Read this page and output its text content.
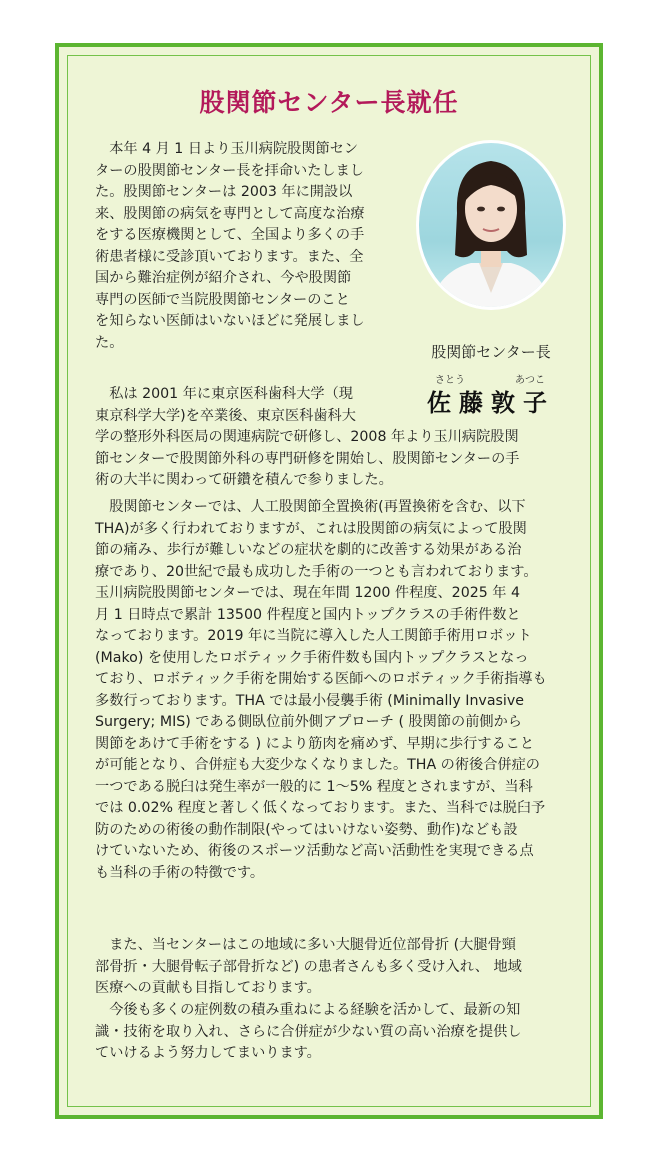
股関節センター長就任
股関節センター長
さとう	あつこ
佐藤敦子
　本年 4 月 1 日より玉川病院股関節セン
ターの股関節センター長を拝命いたしまし
た。股関節センターは 2003 年に開設以
来、股関節の病気を専門として高度な治療
をする医療機関として、全国より多くの手
術患者様に受診頂いております。また、全
国から難治症例が紹介され、今や股関節
専門の医師で当院股関節センターのこと
を知らない医師はいないほどに発展しまし
た。
　私は 2001 年に東京医科歯科大学（現
東京科学大学)を卒業後、東京医科歯科大
学の整形外科医局の関連病院で研修し、2008 年より玉川病院股関
節センターで股関節外科の専門研修を開始し、股関節センターの手
術の大半に関わって研鑽を積んで参りました。
　股関節センターでは、人工股関節全置換術(再置換術を含む、以下
THA)が多く行われておりますが、これは股関節の病気によって股関
節の痛み、歩行が難しいなどの症状を劇的に改善する効果がある治
療であり、20世紀で最も成功した手術の一つとも言われております。
玉川病院股関節センターでは、現在年間 1200 件程度、2025 年 4
月 1 日時点で累計 13500 件程度と国内トップクラスの手術件数と
なっております。2019 年に当院に導入した人工関節手術用ロボット
(Mako) を使用したロボティック手術件数も国内トップクラスとなっ
ており、ロボティック手術を開始する医師へのロボティック手術指導も
多数行っております。THA では最小侵襲手術 (Minimally Invasive
Surgery; MIS) である側臥位前外側アプローチ ( 股関節の前側から
関節をあけて手術をする ) により筋肉を痛めず、早期に歩行すること
が可能となり、合併症も大変少なくなりました。THA の術後合併症の
一つである脱臼は発生率が一般的に 1～5% 程度とされますが、当科
では 0.02% 程度と著しく低くなっております。また、当科では脱臼予
防のための術後の動作制限(やってはいけない姿勢、動作)なども設
けていないため、術後のスポーツ活動など高い活動性を実現できる点
も当科の手術の特徴です。
　また、当センターはこの地域に多い大腿骨近位部骨折 (大腿骨頸
部骨折・大腿骨転子部骨折など) の患者さんも多く受け入れ、 地域
医療への貢献も目指しております。
　今後も多くの症例数の積み重ねによる経験を活かして、最新の知
識・技術を取り入れ、さらに合併症が少ない質の高い治療を提供し
ていけるよう努力してまいります。
